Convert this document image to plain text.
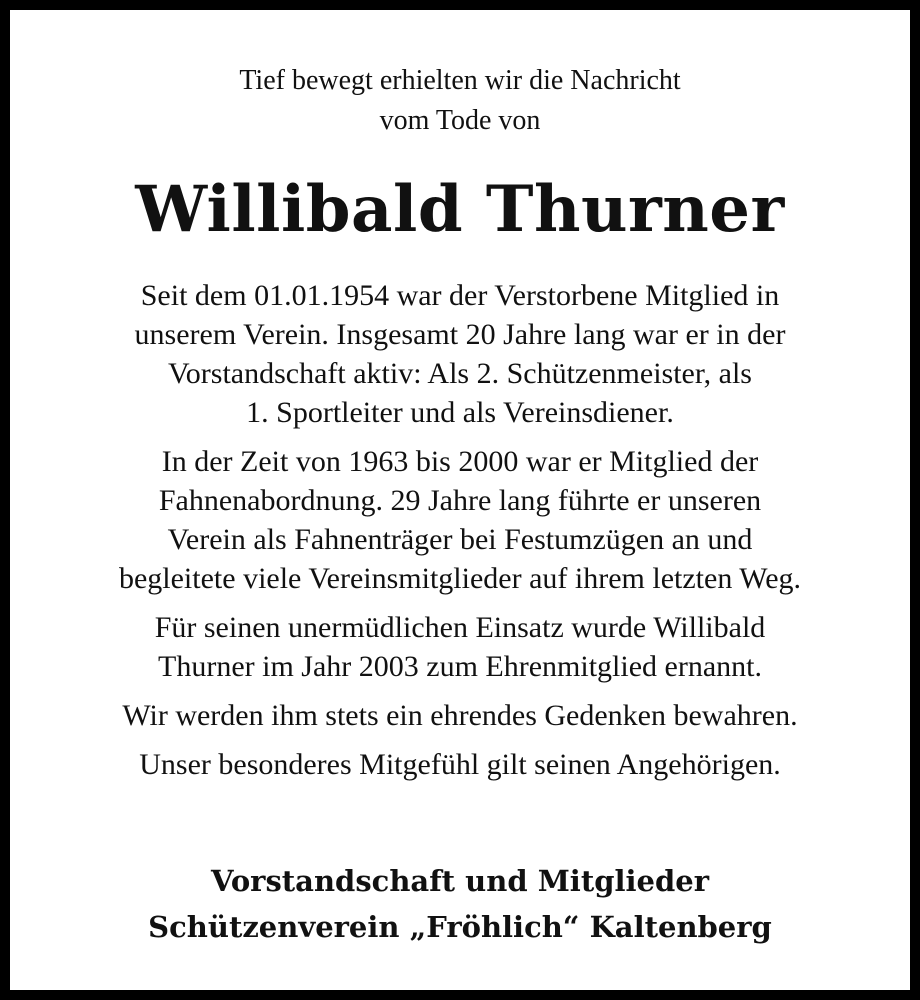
Tief bewegt erhielten wir die Nachricht
vom Tode von
Willibald Thurner
Seit dem 01.01.1954 war der Verstorbene Mitglied in
unserem Verein. Insgesamt 20 Jahre lang war er in der
Vorstandschaft aktiv: Als 2. Schützenmeister, als
1. Sportleiter und als Vereinsdiener.
In der Zeit von 1963 bis 2000 war er Mitglied der
Fahnenabordnung. 29 Jahre lang führte er unseren
Verein als Fahnenträger bei Festumzügen an und
begleitete viele Vereinsmitglieder auf ihrem letzten Weg.
Für seinen unermüdlichen Einsatz wurde Willibald
Thurner im Jahr 2003 zum Ehrenmitglied ernannt.
Wir werden ihm stets ein ehrendes Gedenken bewahren.
Unser besonderes Mitgefühl gilt seinen Angehörigen.
Vorstandschaft und Mitglieder
Schützenverein „Fröhlich“ Kaltenberg
